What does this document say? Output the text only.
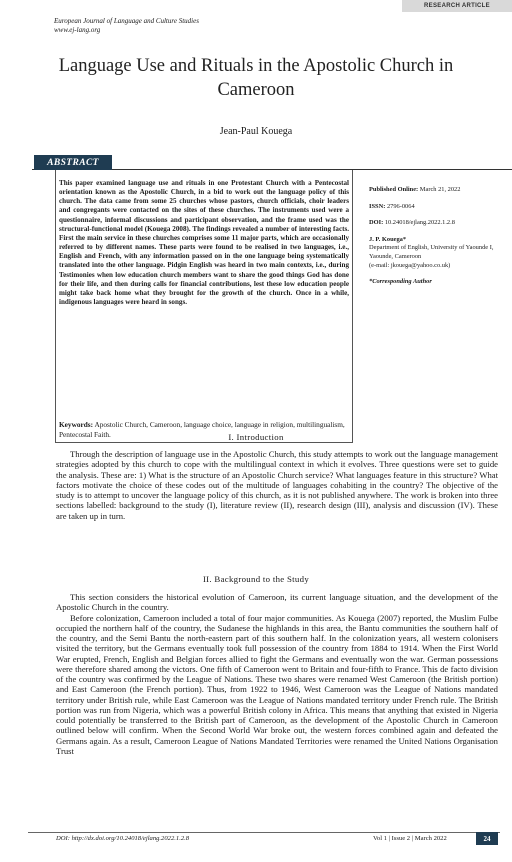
RESEARCH ARTICLE
European Journal of Language and Culture Studies
www.ej-lang.org
Language Use and Rituals in the Apostolic Church in Cameroon
Jean-Paul Kouega
ABSTRACT
This paper examined language use and rituals in one Protestant Church with a Pentecostal orientation known as the Apostolic Church, in a bid to work out the language policy of this church. The data came from some 25 churches whose pastors, church officials, choir leaders and congregants were contacted on the sites of these churches. The instruments used were a questionnaire, informal discussions and participant observation, and the frame used was the structural-functional model (Kouega 2008). The findings revealed a number of interesting facts. First the main service in these churches comprises some 11 major parts, which are occasionally referred to by different names. These parts were found to be realised in two languages, i.e., English and French, with any information passed on in the one language being systematically translated into the other language. Pidgin English was heard in two main contexts, i.e., during Testimonies when low education church members want to share the good things God has done for their life, and then during calls for financial contributions, lest these low education people might take back home what they brought for the growth of the church. Once in a while, indigenous languages were heard in songs.
Keywords: Apostolic Church, Cameroon, language choice, language in religion, multilingualism, Pentecostal Faith.
Published Online: March 21, 2022
ISSN: 2796-0064
DOI: 10.24018/ejlang.2022.1.2.8
J. P. Kouega*
Department of English, University of Yaounde I, Yaounde, Cameroon
(e-mail: jkouega@yahoo.co.uk)
*Corresponding Author
I. Introduction

Through the description of language use in the Apostolic Church, this study attempts to work out the language management strategies adopted by this church to cope with the multilingual context in which it evolves. Three questions were set to guide the analysis. These are: 1) What is the structure of an Apostolic Church service? What languages feature in this structure? What factors motivate the choice of these codes out of the multitude of languages cohabiting in the country? The objective of the study is to attempt to uncover the language policy of this church, as it is not published anywhere. The work is broken into three sections labelled: background to the study (I), literature review (II), research design (III), analysis and discussion (IV). These are taken up in turn.

II. Background to the Study

This section considers the historical evolution of Cameroon, its current language situation, and the development of the Apostolic Church in the country.

Before colonization, Cameroon included a total of four major communities. As Kouega (2007) reported, the Muslim Fulbe occupied the northern half of the country, the Sudanese the highlands in this area, the Bantu communities the southern half of the country, and the Semi Bantu the north-eastern part of this southern half. In the colonization years, all western colonisers visited the territory, but the Germans eventually took full possession of the country from 1884 to 1914. When the First World War erupted, French, English and Belgian forces allied to fight the Germans and eventually won the war. German possessions were therefore shared among the victors. One fifth of Cameroon went to Britain and four-fifth to France. This de facto division of the country was confirmed by the League of Nations. These two shares were renamed West Cameroon (the British portion) and East Cameroon (the French portion). Thus, from 1922 to 1946, West Cameroon was the League of Nations mandated territory under British rule, while East Cameroon was the League of Nations mandated territory under French rule. The British portion was run from Nigeria, which was a powerful British colony in Africa. This means that anything that existed in Nigeria could potentially be transferred to the British part of Cameroon, as the development of the Apostolic Church in Cameroon outlined below will confirm. When the Second World War broke out, the western forces combined again and defeated the Germans again. As a result, Cameroon League of Nations Mandated Territories were renamed the United Nations Organisation Trust

DOI: http://dx.doi.org/10.24018/ejlang.2022.1.2.8	Vol 1 | Issue 2 | March 2022	24
